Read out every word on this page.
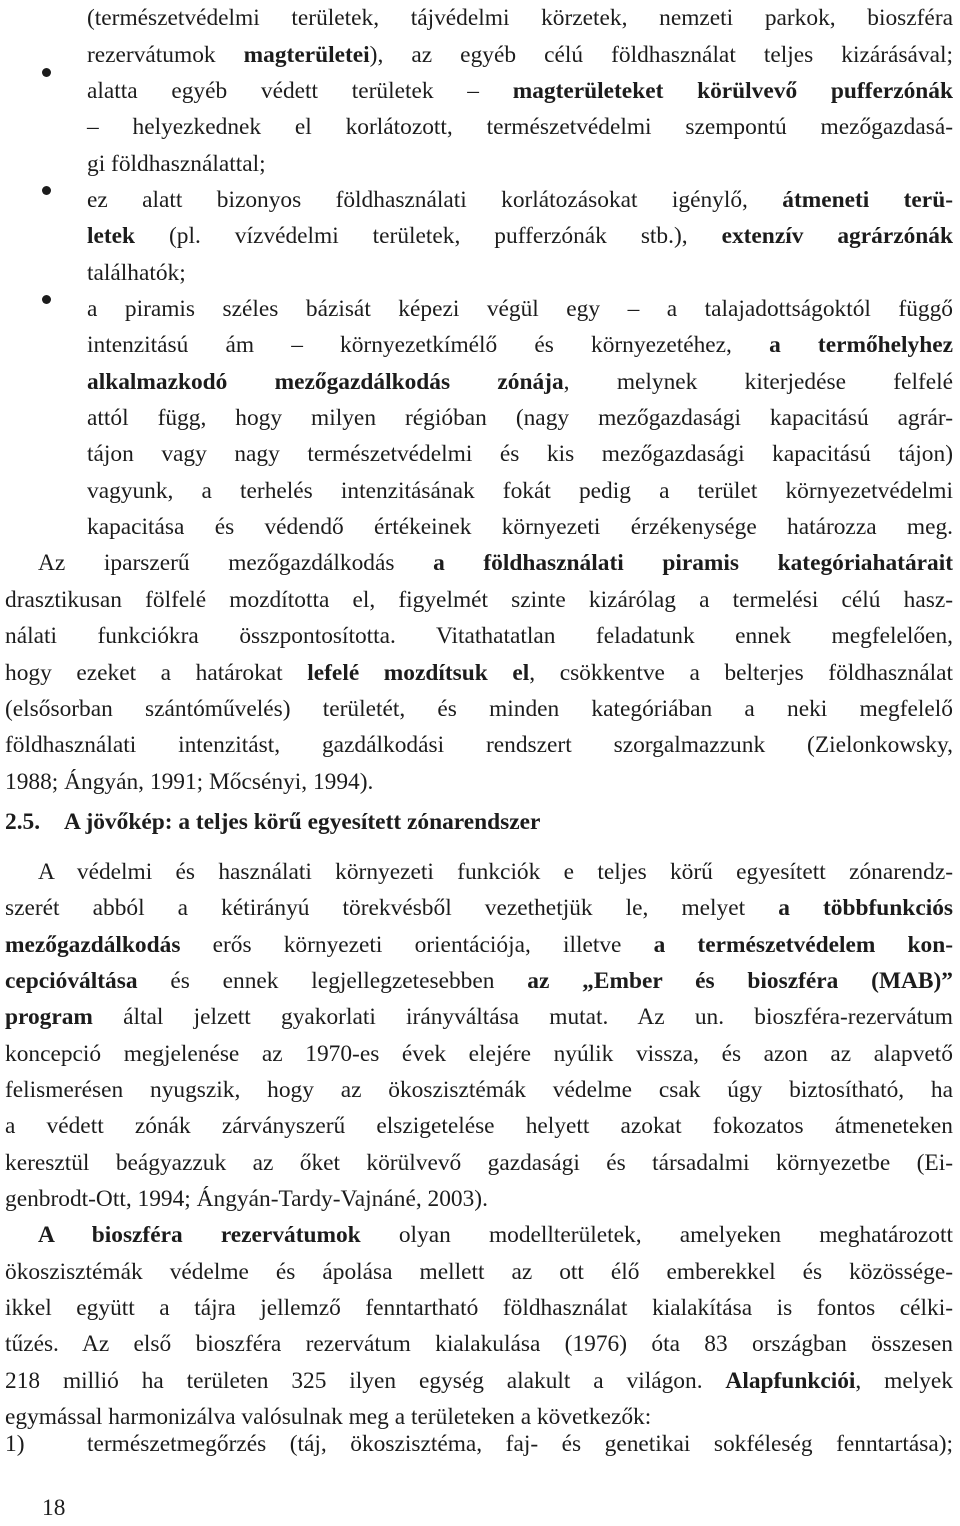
(természetvédelmi területek, tájvédelmi körzetek, nemzeti parkok, bioszféra
rezervátumok magterületei), az egyéb célú földhasználat teljes kizárásával;
alatta egyéb védett területek – magterületeket körülvevő pufferzónák
– helyezkednek el korlátozott, természetvédelmi szempontú mezőgazdasá-
gi földhasználattal;
ez alatt bizonyos földhasználati korlátozásokat igénylő, átmeneti terü-
letek (pl. vízvédelmi területek, pufferzónák stb.), extenzív agrárzónák
találhatók;
a piramis széles bázisát képezi végül egy – a talajadottságoktól függő
intenzitású ám – környezetkímélő és környezetéhez, a termőhelyhez
alkalmazkodó mezőgazdálkodás zónája, melynek kiterjedése felfelé
attól függ, hogy milyen régióban (nagy mezőgazdasági kapacitású agrár-
tájon vagy nagy természetvédelmi és kis mezőgazdasági kapacitású tájon)
vagyunk, a terhelés intenzitásának fokát pedig a terület környezetvédelmi
kapacitása és védendő értékeinek környezeti érzékenysége határozza meg.
Az iparszerű mezőgazdálkodás a földhasználati piramis kategóriahatárait
drasztikusan fölfelé mozdította el, figyelmét szinte kizárólag a termelési célú hasz-
nálati funkciókra összpontosította. Vitathatatlan feladatunk ennek megfelelően,
hogy ezeket a határokat lefelé mozdítsuk el, csökkentve a belterjes földhasználat
(elsősorban szántóművelés) területét, és minden kategóriában a neki megfelelő
földhasználati intenzitást, gazdálkodási rendszert szorgalmazzunk (Zielonkowsky,
1988; Ángyán, 1991; Mőcsényi, 1994).
A védelmi és használati környezeti funkciók e teljes körű egyesített zónarendz-
szerét abból a kétirányú törekvésből vezethetjük le, melyet a többfunkciós
mezőgazdálkodás erős környezeti orientációja, illetve a természetvédelem kon-
cepcióváltása és ennek legjellegzetesebben az „Ember és bioszféra (MAB)”
program által jelzett gyakorlati irányváltása mutat. Az un. bioszféra-rezervátum
koncepció megjelenése az 1970-es évek elejére nyúlik vissza, és azon az alapvető
felismerésen nyugszik, hogy az ökoszisztémák védelme csak úgy biztosítható, ha
a védett zónák zárványszerű elszigetelése helyett azokat fokozatos átmeneteken
keresztül beágyazzuk az őket körülvevő gazdasági és társadalmi környezetbe (Ei-
genbrodt-Ott, 1994; Ángyán-Tardy-Vajnáné, 2003).
A bioszféra rezervátumok olyan modellterületek, amelyeken meghatározott
ökoszisztémák védelme és ápolása mellett az ott élő emberekkel és közössége-
ikkel együtt a tájra jellemző fenntartható földhasználat kialakítása is fontos célki-
tűzés. Az első bioszféra rezervátum kialakulása (1976) óta 83 országban összesen
218 millió ha területen 325 ilyen egység alakult a világon. Alapfunkciói, melyek
egymással harmonizálva valósulnak meg a területeken a következők:
természetmegőrzés (táj, ökoszisztéma, faj- és genetikai sokféleség fenntartása);
2.5. A jövőkép: a teljes körű egyesített zónarendszer
1)
18
